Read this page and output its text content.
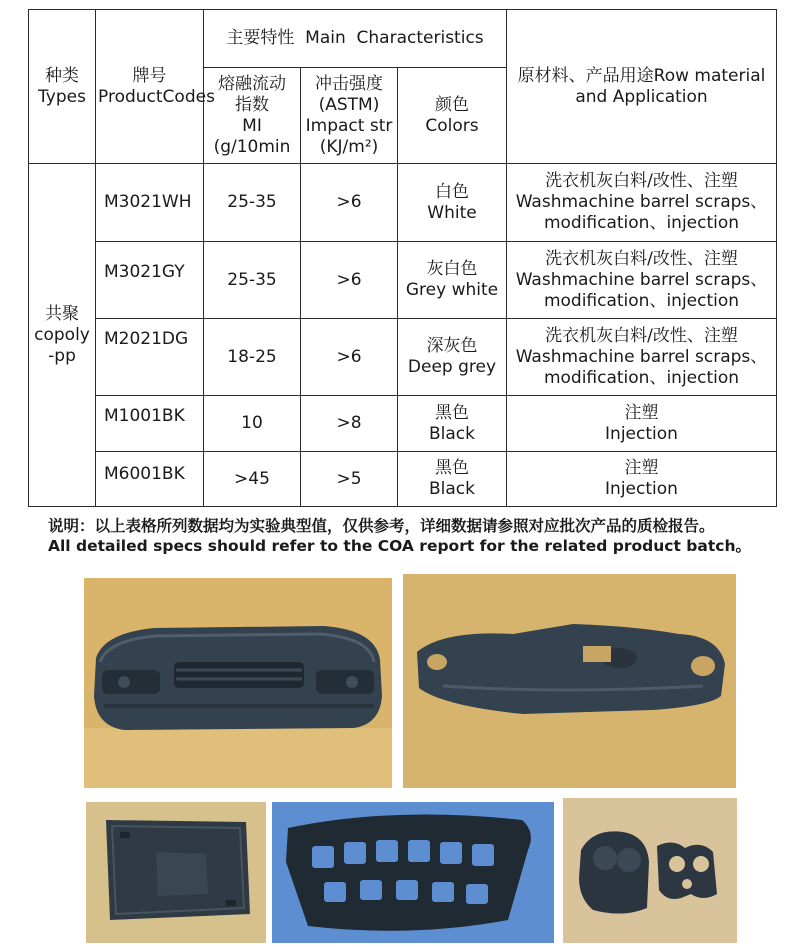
种类Types	牌号ProductCodes	主要特性  Main  Characteristics			原材料、产品用途Row material and Application

		熔融流动
指数
MI
(g/10min	冲击强度
(ASTM)
Impact str
(KJ/m²)	颜色
Colors	

共聚
copoly
-pp	M3021WH	25-35	>6	白色
White	洗衣机灰白料/改性、注塑
Washmachine barrel scraps、
modification、injection

	M3021GY	25-35	>6	灰白色
Grey white	洗衣机灰白料/改性、注塑
Washmachine barrel scraps、
modification、injection

	M2021DG	18-25	>6	深灰色
Deep grey	洗衣机灰白料/改性、注塑
Washmachine barrel scraps、
modification、injection

	M1001BK	10	>8	黑色
Black	注塑
Injection

	M6001BK	>45	>5	黑色
Black	注塑
Injection
说明：以上表格所列数据均为实验典型值，仅供参考，详细数据请参照对应批次产品的质检报告。
All detailed specs should refer to the COA report for the related product batch。
